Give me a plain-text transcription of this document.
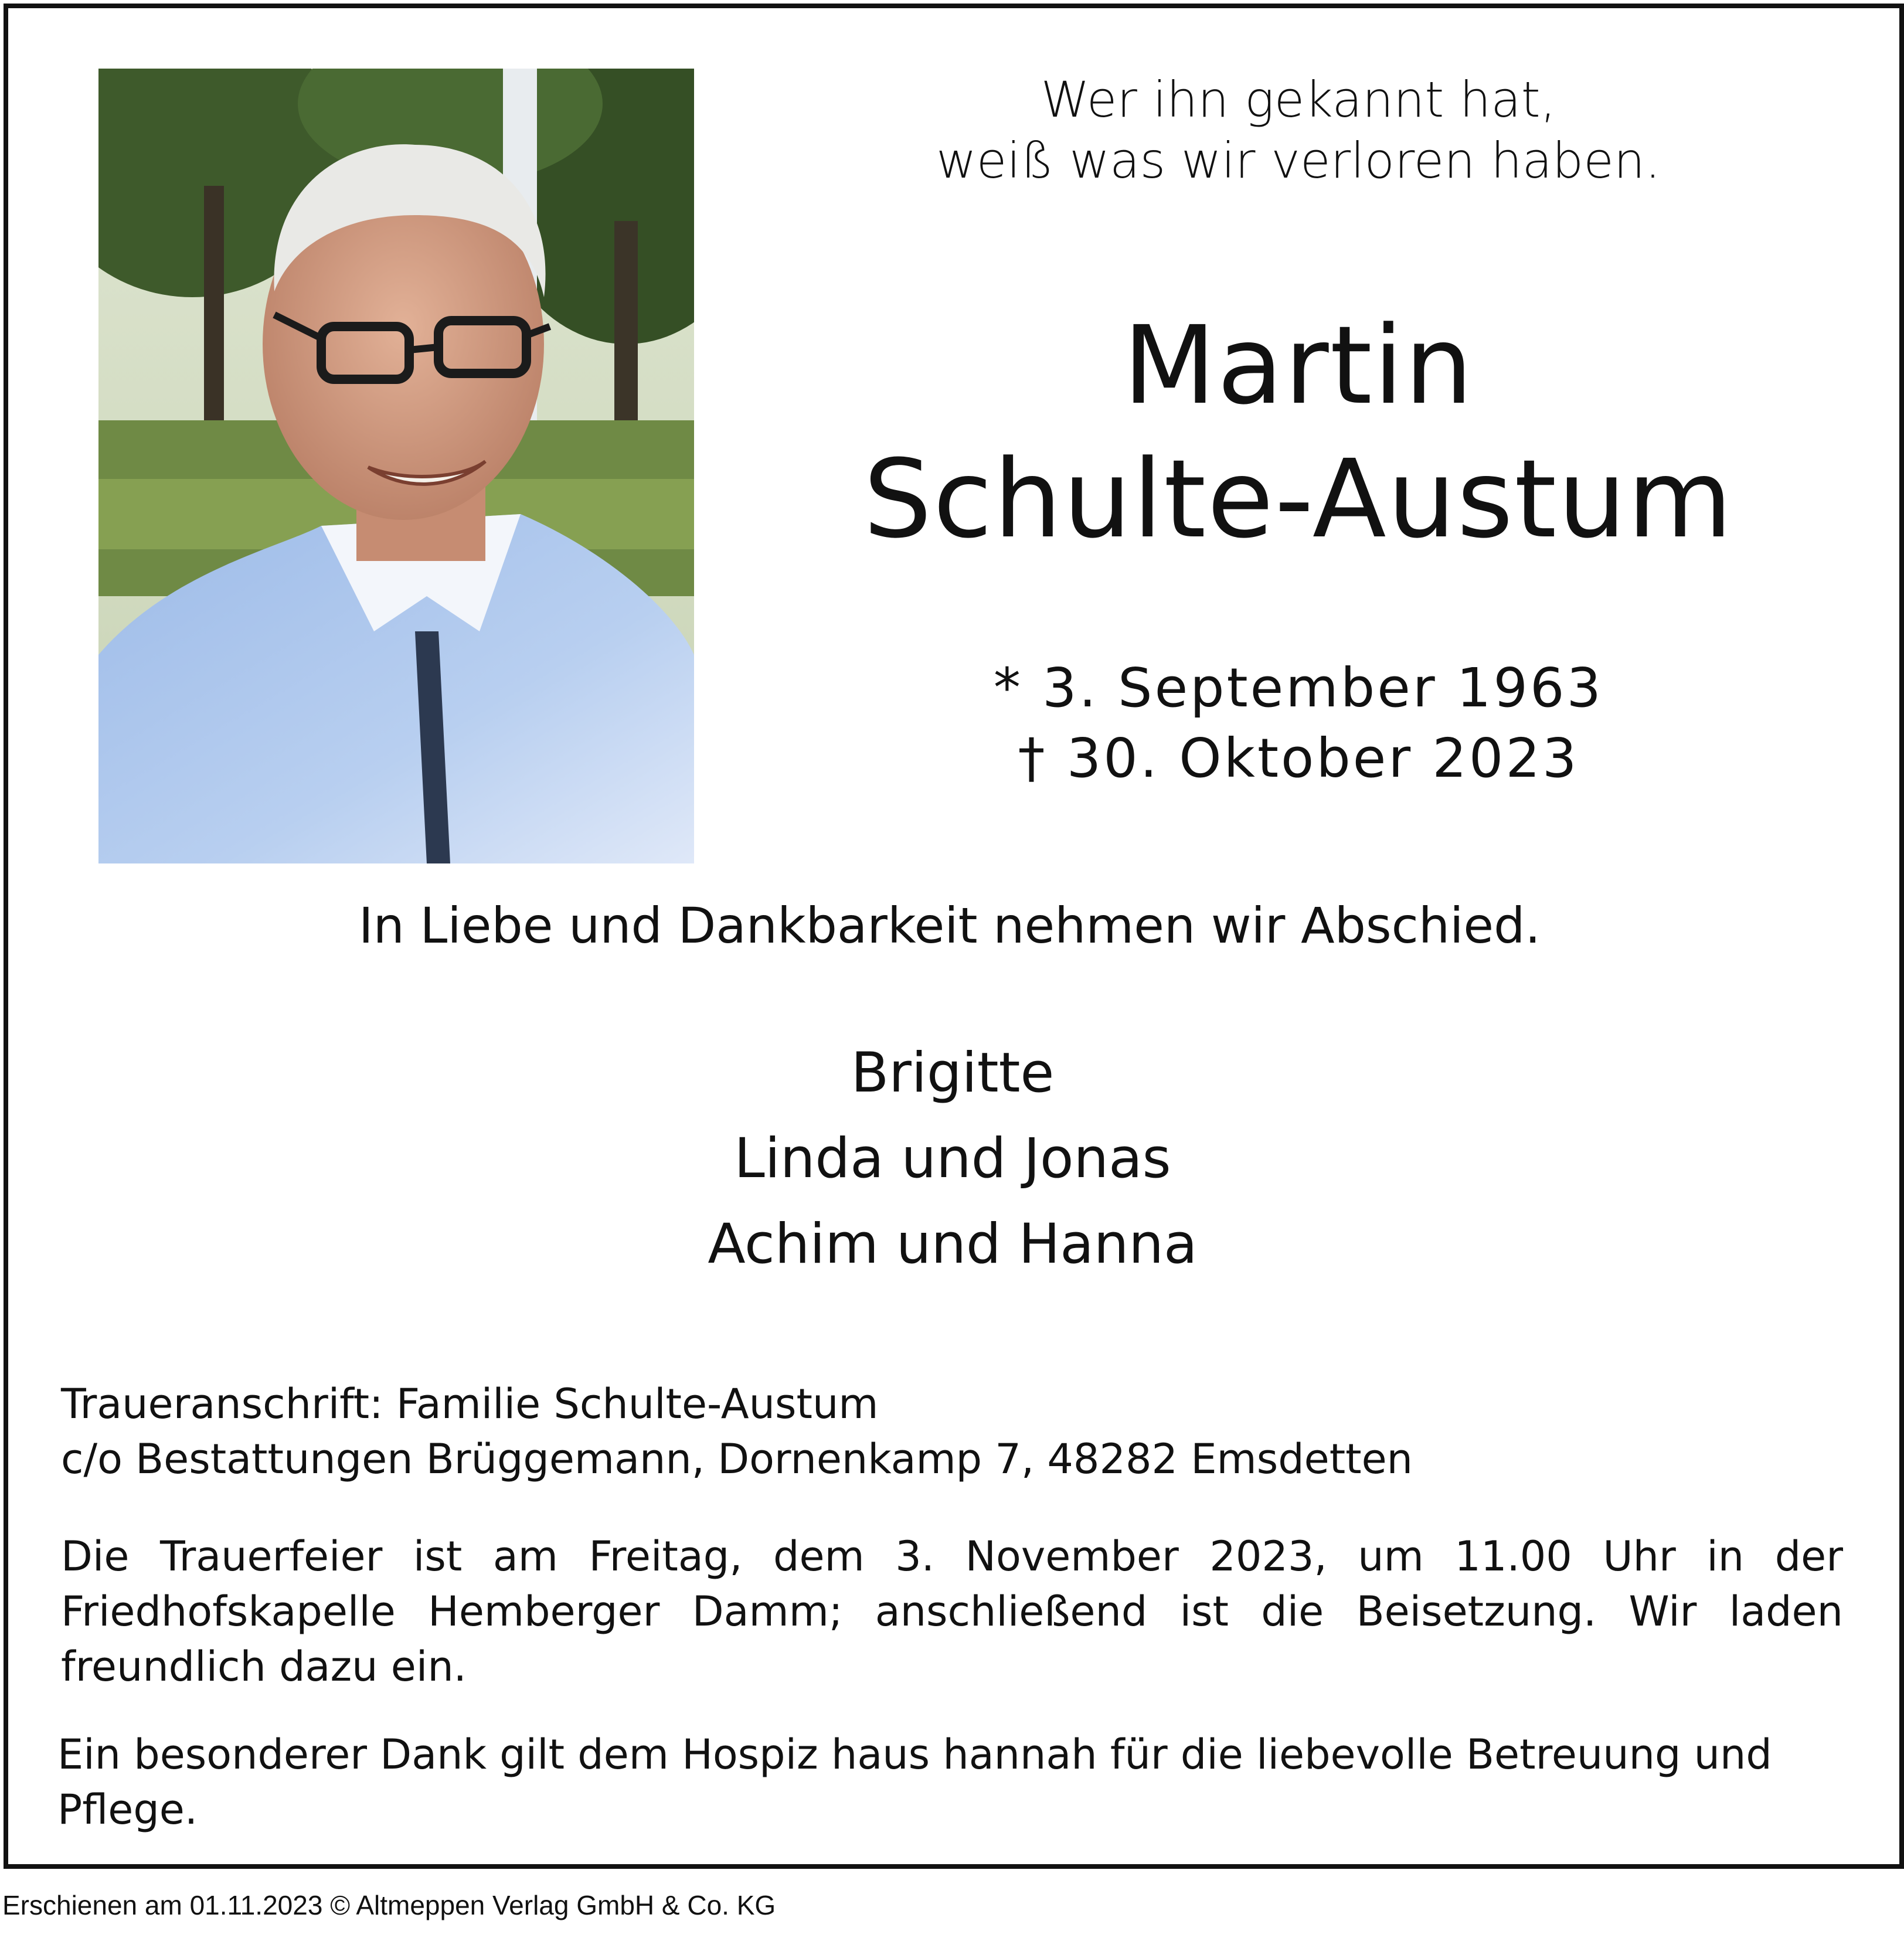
Wer ihn gekannt hat,
weiß was wir verloren haben.
Martin
Schulte-Austum
* 3. September 1963
† 30. Oktober 2023
In Liebe und Dankbarkeit nehmen wir Abschied.
Brigitte
Linda und Jonas
Achim und Hanna
Traueranschrift: Familie Schulte-Austum
c/o Bestattungen Brüggemann, Dornenkamp 7, 48282 Emsdetten
Die Trauerfeier ist am Freitag, dem 3. November 2023, um 11.00 Uhr in der Friedhofskapelle Hemberger Damm; anschließend ist die Beisetzung. Wir laden freundlich dazu ein.
Ein besonderer Dank gilt dem Hospiz haus hannah für die liebevolle Betreuung und Pflege.
Erschienen am 01.11.2023 © Altmeppen Verlag GmbH & Co. KG
